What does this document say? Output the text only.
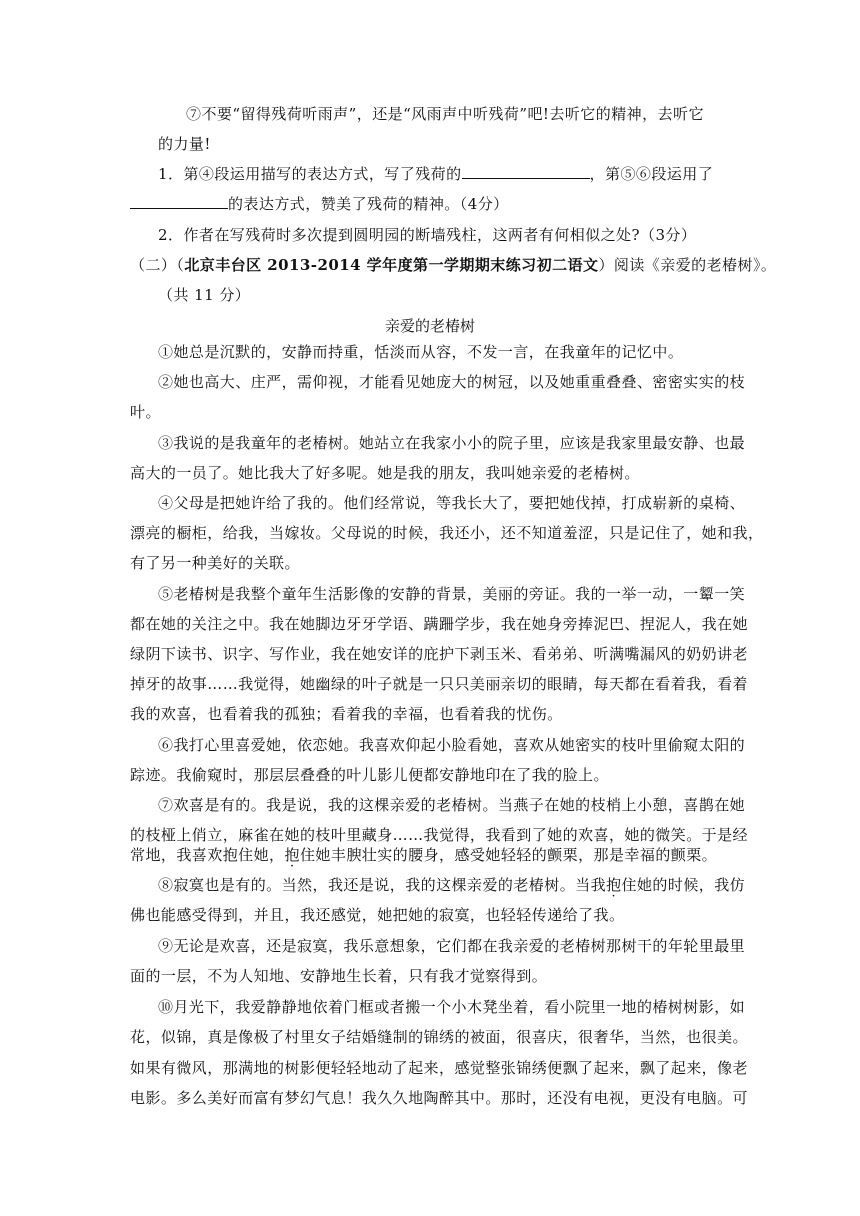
⑦不要“留得残荷听雨声”，还是“风雨声中听残荷”吧!去听它的精神，去听它
的力量!
1．第④段运用描写的表达方式，写了残荷的	，第⑤⑥段运用了
的表达方式，赞美了残荷的精神。（4分）
2．作者在写残荷时多次提到圆明园的断墙残柱，这两者有何相似之处?（3分）
（二）（北京丰台区 2013-2014 学年度第一学期期末练习初二语文）阅读《亲爱的老椿树》。
（共 11 分）
亲爱的老椿树
①她总是沉默的，安静而持重，恬淡而从容，不发一言，在我童年的记忆中。
②她也高大、庄严，需仰视，才能看见她庞大的树冠，以及她重重叠叠、密密实实的枝
叶。
③我说的是我童年的老椿树。她站立在我家小小的院子里，应该是我家里最安静、也最
高大的一员了。她比我大了好多呢。她是我的朋友，我叫她亲爱的老椿树。
④父母是把她许给了我的。他们经常说，等我长大了，要把她伐掉，打成崭新的桌椅、
漂亮的橱柜，给我，当嫁妆。父母说的时候，我还小，还不知道羞涩，只是记住了，她和我，
有了另一种美好的关联。
⑤老椿树是我整个童年生活影像的安静的背景，美丽的旁证。我的一举一动，一颦一笑
都在她的关注之中。我在她脚边牙牙学语、蹒跚学步，我在她身旁捧泥巴、捏泥人，我在她
绿阴下读书、识字、写作业，我在她安详的庇护下剥玉米、看弟弟、听满嘴漏风的奶奶讲老
掉牙的故事……我觉得，她幽绿的叶子就是一只只美丽亲切的眼睛，每天都在看着我，看着
我的欢喜，也看着我的孤独；看着我的幸福，也看着我的忧伤。
⑥我打心里喜爱她，依恋她。我喜欢仰起小脸看她，喜欢从她密实的枝叶里偷窥太阳的
踪迹。我偷窥时，那层层叠叠的叶儿影儿便都安静地印在了我的脸上。
⑦欢喜是有的。我是说，我的这棵亲爱的老椿树。当燕子在她的枝梢上小憩，喜鹊在她
的枝桠上俏立，麻雀在她的枝叶里藏身……我觉得，我看到了她的欢喜，她的微笑。于是经
常地，我喜欢抱住她，抱住她丰腴壮实的腰身，感受她轻轻的颤栗，那是幸福的颤栗。
⑧寂寞也是有的。当然，我还是说，我的这棵亲爱的老椿树。当我抱住她的时候，我仿
佛也能感受得到，并且，我还感觉，她把她的寂寞，也轻轻传递给了我。
⑨无论是欢喜，还是寂寞，我乐意想象，它们都在我亲爱的老椿树那树干的年轮里最里
面的一层，不为人知地、安静地生长着，只有我才觉察得到。
⑩月光下，我爱静静地依着门框或者搬一个小木凳坐着，看小院里一地的椿树树影，如
花，似锦，真是像极了村里女子结婚缝制的锦绣的被面，很喜庆，很奢华，当然，也很美。
如果有微风，那满地的树影便轻轻地动了起来，感觉整张锦绣便飘了起来，飘了起来，像老
电影。多么美好而富有梦幻气息！我久久地陶醉其中。那时，还没有电视，更没有电脑。可
